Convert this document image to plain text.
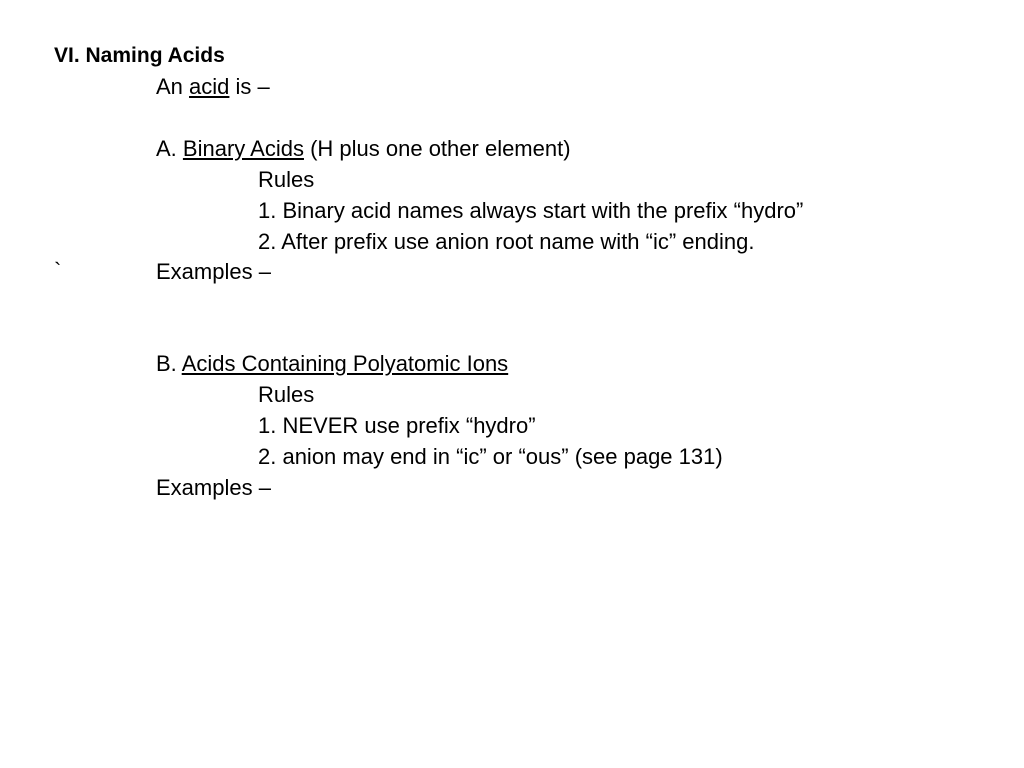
VI. Naming Acids
An acid is –
A. Binary Acids (H plus one other element)
Rules
1. Binary acid names always start with the prefix “hydro”
2. After prefix use anion root name with “ic” ending.
`	Examples –
B. Acids Containing Polyatomic Ions
Rules
1. NEVER use prefix “hydro”
2. anion may end in “ic” or “ous” (see page 131)
Examples –
